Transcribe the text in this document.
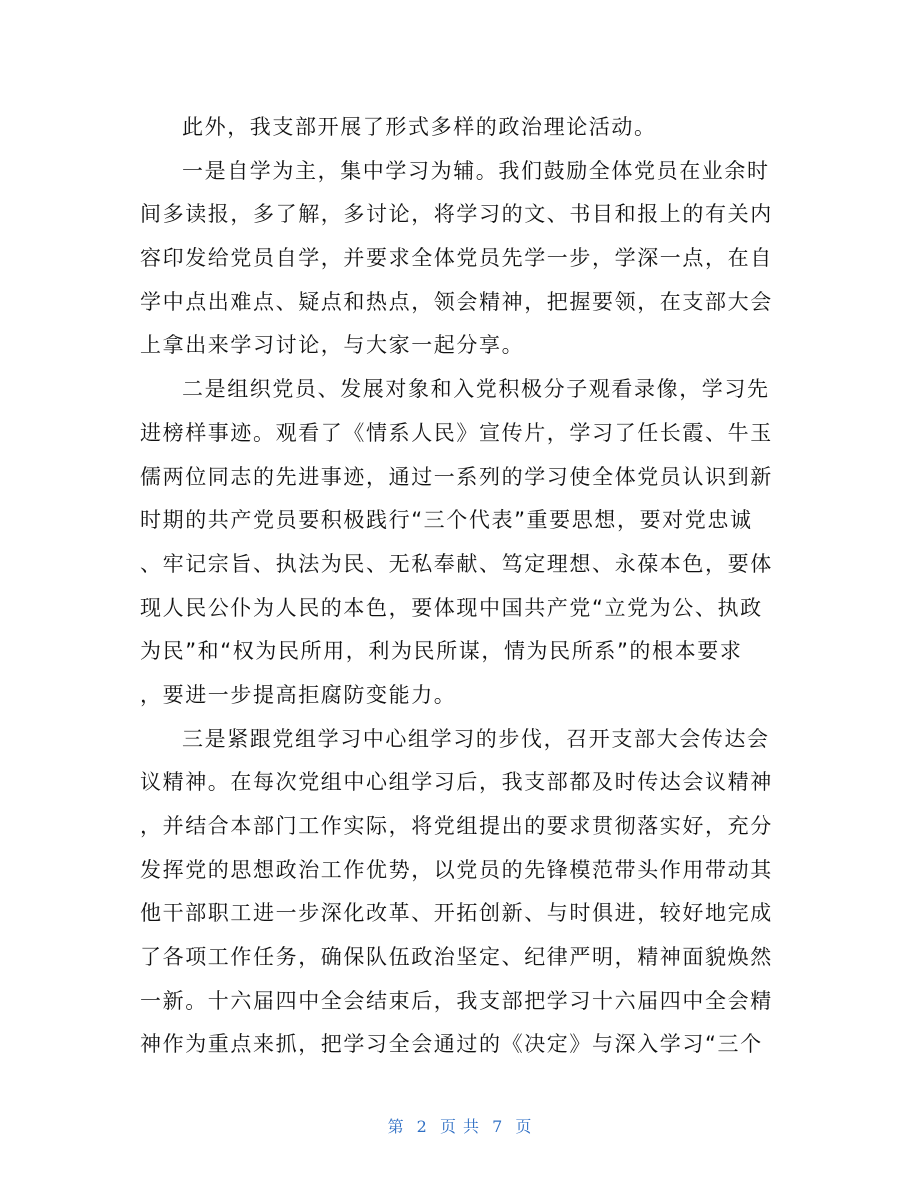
此外，我支部开展了形式多样的政治理论活动。
一是自学为主，集中学习为辅。我们鼓励全体党员在业余时
间多读报，多了解，多讨论，将学习的文、书目和报上的有关内
容印发给党员自学，并要求全体党员先学一步，学深一点，在自
学中点出难点、疑点和热点，领会精神，把握要领，在支部大会
上拿出来学习讨论，与大家一起分享。
二是组织党员、发展对象和入党积极分子观看录像，学习先
进榜样事迹。观看了《情系人民》宣传片，学习了任长霞、牛玉
儒两位同志的先进事迹，通过一系列的学习使全体党员认识到新
时期的共产党员要积极践行“三个代表”重要思想，要对党忠诚
、牢记宗旨、执法为民、无私奉献、笃定理想、永葆本色，要体
现人民公仆为人民的本色，要体现中国共产党“立党为公、执政
为民”和“权为民所用，利为民所谋，情为民所系”的根本要求
，要进一步提高拒腐防变能力。
三是紧跟党组学习中心组学习的步伐，召开支部大会传达会
议精神。在每次党组中心组学习后，我支部都及时传达会议精神
，并结合本部门工作实际，将党组提出的要求贯彻落实好，充分
发挥党的思想政治工作优势，以党员的先锋模范带头作用带动其
他干部职工进一步深化改革、开拓创新、与时俱进，较好地完成
了各项工作任务，确保队伍政治坚定、纪律严明，精神面貌焕然
一新。十六届四中全会结束后，我支部把学习十六届四中全会精
神作为重点来抓，把学习全会通过的《决定》与深入学习“三个
第 2 页 共 7 页
